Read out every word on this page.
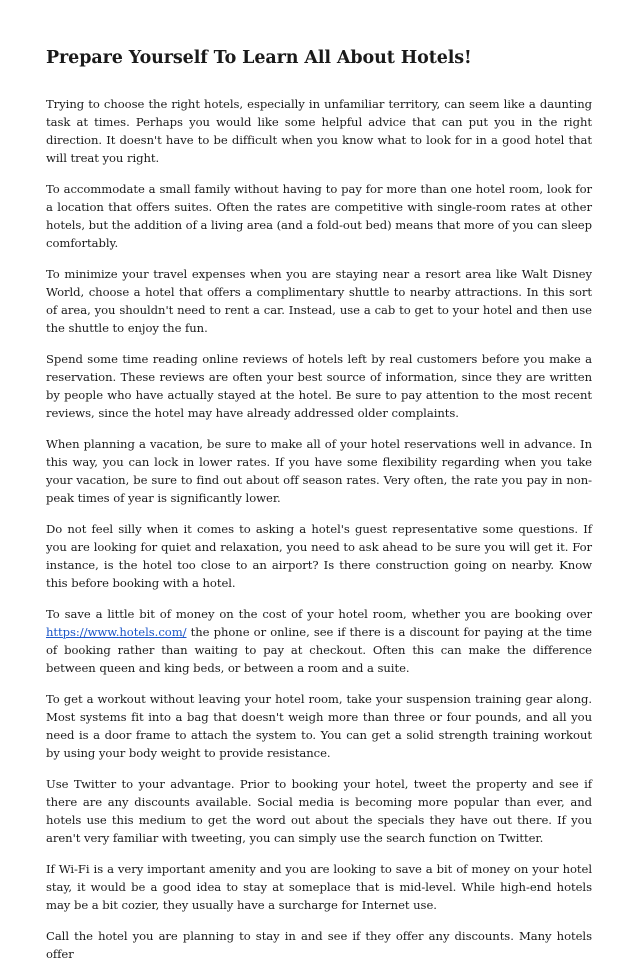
Prepare Yourself To Learn All About Hotels!

Trying to choose the right hotels, especially in unfamiliar territory, can seem like a daunting task at times. Perhaps you would like some helpful advice that can put you in the right direction. It doesn't have to be difficult when you know what to look for in a good hotel that will treat you right.

To accommodate a small family without having to pay for more than one hotel room, look for a location that offers suites. Often the rates are competitive with single-room rates at other hotels, but the addition of a living area (and a fold-out bed) means that more of you can sleep comfortably.

To minimize your travel expenses when you are staying near a resort area like Walt Disney World, choose a hotel that offers a complimentary shuttle to nearby attractions. In this sort of area, you shouldn't need to rent a car. Instead, use a cab to get to your hotel and then use the shuttle to enjoy the fun.

Spend some time reading online reviews of hotels left by real customers before you make a reservation. These reviews are often your best source of information, since they are written by people who have actually stayed at the hotel. Be sure to pay attention to the most recent reviews, since the hotel may have already addressed older complaints.

When planning a vacation, be sure to make all of your hotel reservations well in advance. In this way, you can lock in lower rates. If you have some flexibility regarding when you take your vacation, be sure to find out about off season rates. Very often, the rate you pay in non-peak times of year is significantly lower.

Do not feel silly when it comes to asking a hotel's guest representative some questions. If you are looking for quiet and relaxation, you need to ask ahead to be sure you will get it. For instance, is the hotel too close to an airport? Is there construction going on nearby. Know this before booking with a hotel.

To save a little bit of money on the cost of your hotel room, whether you are booking over https://www.hotels.com/ the phone or online, see if there is a discount for paying at the time of booking rather than waiting to pay at checkout. Often this can make the difference between queen and king beds, or between a room and a suite.

To get a workout without leaving your hotel room, take your suspension training gear along. Most systems fit into a bag that doesn't weigh more than three or four pounds, and all you need is a door frame to attach the system to. You can get a solid strength training workout by using your body weight to provide resistance.

Use Twitter to your advantage. Prior to booking your hotel, tweet the property and see if there are any discounts available. Social media is becoming more popular than ever, and hotels use this medium to get the word out about the specials they have out there. If you aren't very familiar with tweeting, you can simply use the search function on Twitter.

If Wi-Fi is a very important amenity and you are looking to save a bit of money on your hotel stay, it would be a good idea to stay at someplace that is mid-level. While high-end hotels may be a bit cozier, they usually have a surcharge for Internet use.

Call the hotel you are planning to stay in and see if they offer any discounts. Many hotels offer
